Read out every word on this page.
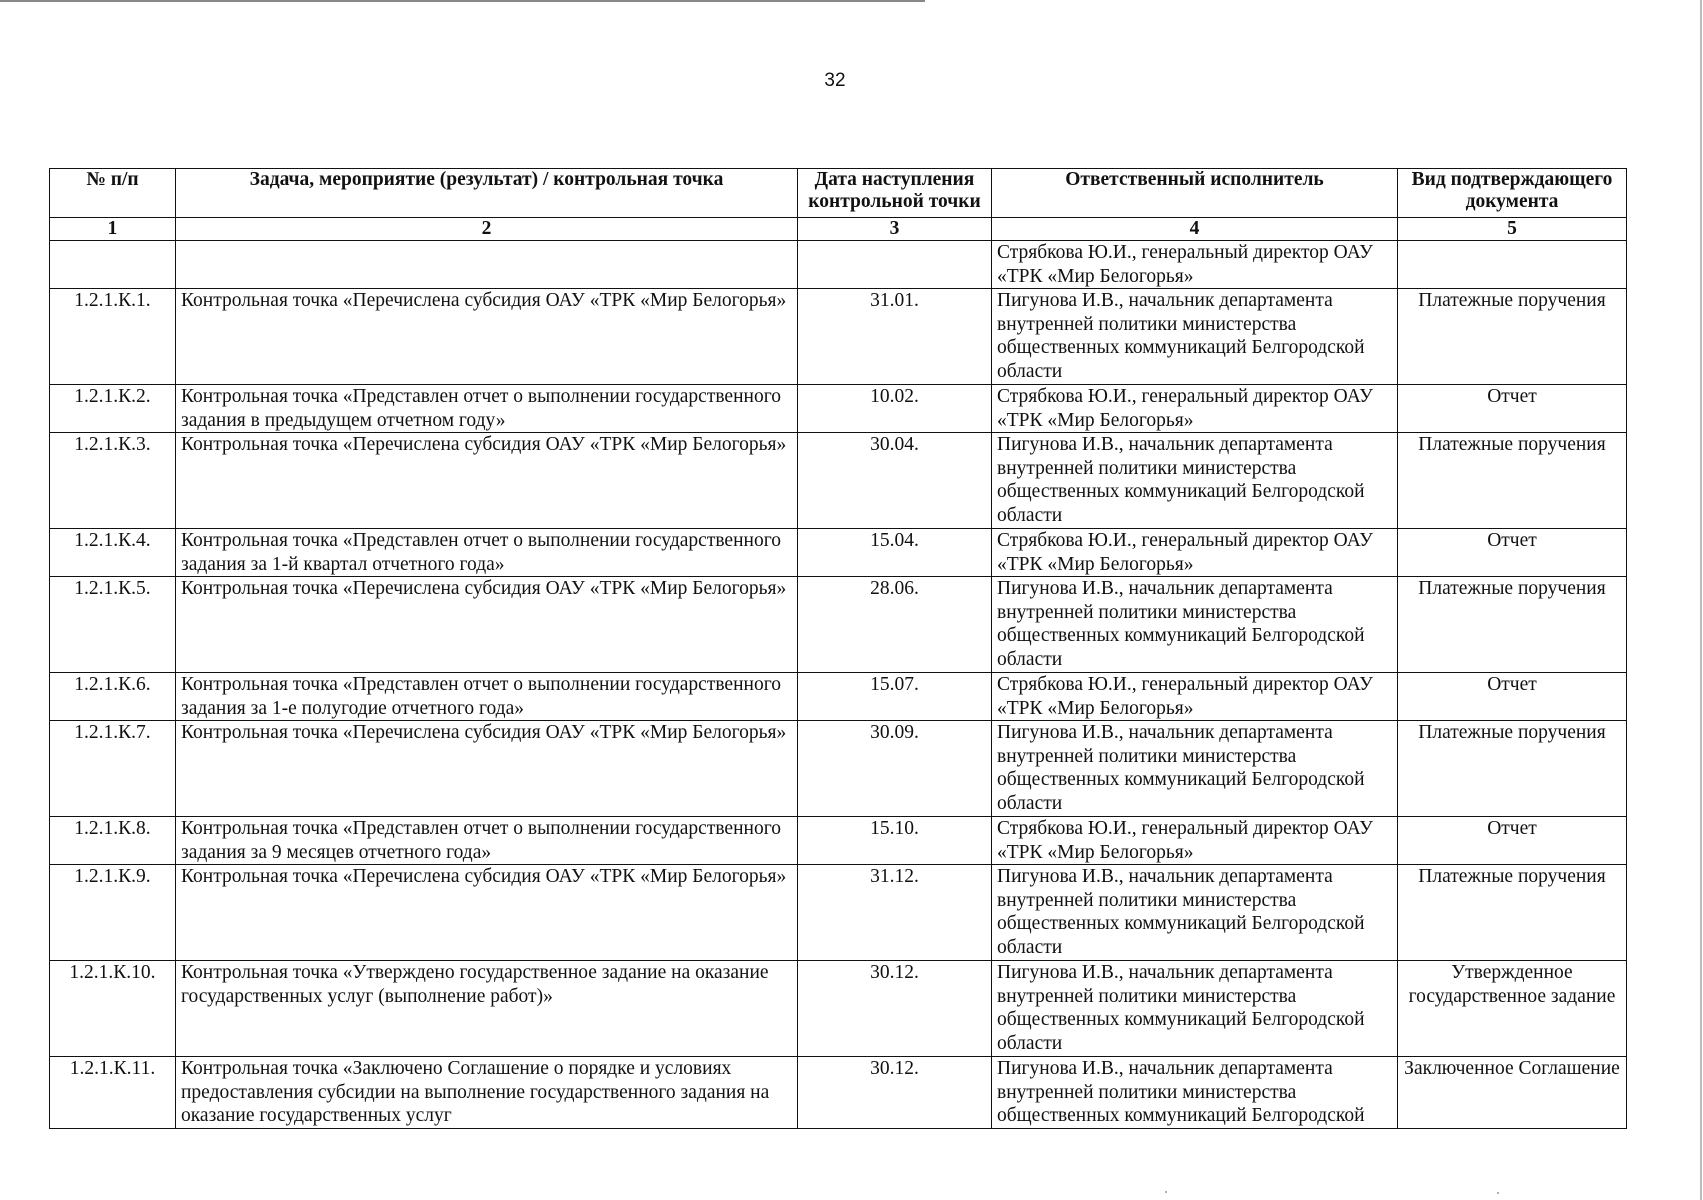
32
№ п/п	Задача, мероприятие (результат) / контрольная точка	Дата наступления контрольной точки	Ответственный исполнитель	Вид подтверждающего документа
1	2	3	4	5
			Стрябкова Ю.И., генеральный директор ОАУ «ТРК «Мир Белогорья»	
1.2.1.К.1.	Контрольная точка «Перечислена субсидия ОАУ «ТРК «Мир Белогорья»	31.01.	Пигунова И.В., начальник департамента внутренней политики министерства общественных коммуникаций Белгородской области	Платежные поручения
1.2.1.К.2.	Контрольная точка «Представлен отчет о выполнении государственного задания в предыдущем отчетном году»	10.02.	Стрябкова Ю.И., генеральный директор ОАУ «ТРК «Мир Белогорья»	Отчет
1.2.1.К.3.	Контрольная точка «Перечислена субсидия ОАУ «ТРК «Мир Белогорья»	30.04.	Пигунова И.В., начальник департамента внутренней политики министерства общественных коммуникаций Белгородской области	Платежные поручения
1.2.1.К.4.	Контрольная точка «Представлен отчет о выполнении государственного задания за 1-й квартал отчетного года»	15.04.	Стрябкова Ю.И., генеральный директор ОАУ «ТРК «Мир Белогорья»	Отчет
1.2.1.К.5.	Контрольная точка «Перечислена субсидия ОАУ «ТРК «Мир Белогорья»	28.06.	Пигунова И.В., начальник департамента внутренней политики министерства общественных коммуникаций Белгородской области	Платежные поручения
1.2.1.К.6.	Контрольная точка «Представлен отчет о выполнении государственного задания за 1-е полугодие отчетного года»	15.07.	Стрябкова Ю.И., генеральный директор ОАУ «ТРК «Мир Белогорья»	Отчет
1.2.1.К.7.	Контрольная точка «Перечислена субсидия ОАУ «ТРК «Мир Белогорья»	30.09.	Пигунова И.В., начальник департамента внутренней политики министерства общественных коммуникаций Белгородской области	Платежные поручения
1.2.1.К.8.	Контрольная точка «Представлен отчет о выполнении государственного задания за 9 месяцев отчетного года»	15.10.	Стрябкова Ю.И., генеральный директор ОАУ «ТРК «Мир Белогорья»	Отчет
1.2.1.К.9.	Контрольная точка «Перечислена субсидия ОАУ «ТРК «Мир Белогорья»	31.12.	Пигунова И.В., начальник департамента внутренней политики министерства общественных коммуникаций Белгородской области	Платежные поручения
1.2.1.К.10.	Контрольная точка «Утверждено государственное задание на оказание государственных услуг (выполнение работ)»	30.12.	Пигунова И.В., начальник департамента внутренней политики министерства общественных коммуникаций Белгородской области	Утвержденное государственное задание
1.2.1.К.11.	Контрольная точка «Заключено Соглашение о порядке и условиях предоставления субсидии на выполнение государственного задания на оказание государственных услуг	30.12.	Пигунова И.В., начальник департамента внутренней политики министерства общественных коммуникаций Белгородской	Заключенное Соглашение
